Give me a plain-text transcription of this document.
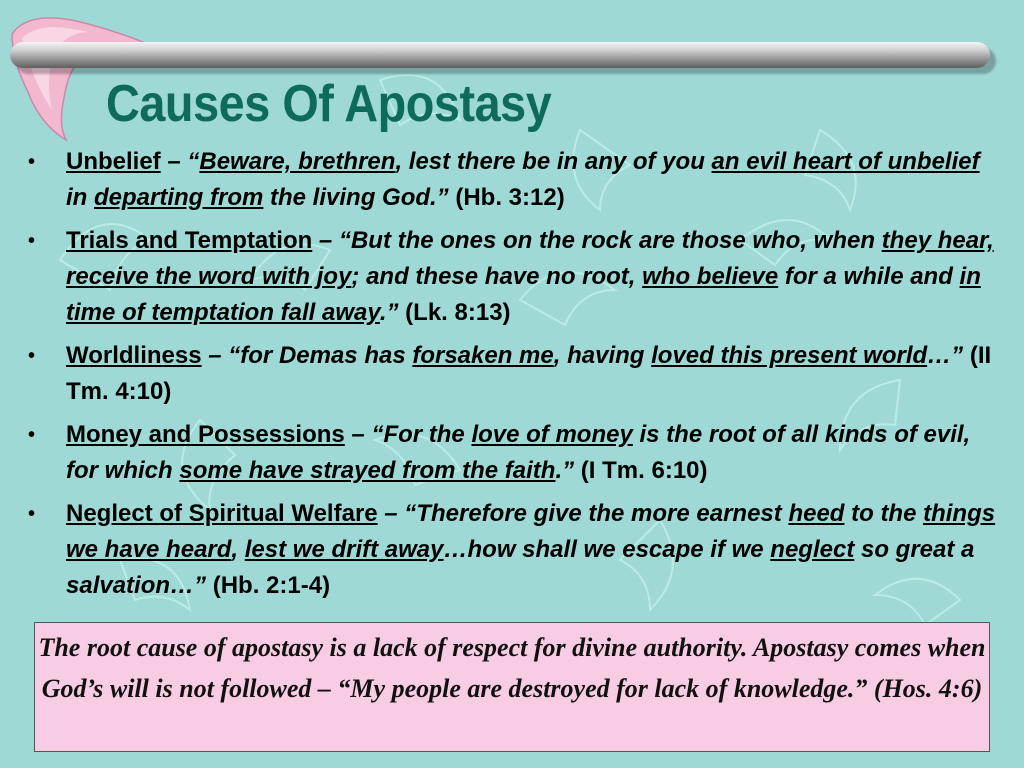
Causes Of Apostasy
•	Unbelief – “Beware, brethren, lest there be in any of you an evil heart of unbelief in departing from the living God.” (Hb. 3:12)
•	Trials and Temptation – “But the ones on the rock are those who, when they hear, receive the word with joy; and these have no root, who believe for a while and in time of temptation fall away.” (Lk. 8:13)
•	Worldliness – “for Demas has forsaken me, having loved this present world…” (II Tm. 4:10)
•	Money and Possessions – “For the love of money is the root of all kinds of evil, for which some have strayed from the faith.” (I Tm. 6:10)
•	Neglect of Spiritual Welfare – “Therefore give the more earnest heed to the things we have heard, lest we drift away…how shall we escape if we neglect so great a salvation…” (Hb. 2:1-4)
The root cause of apostasy is a lack of respect for divine authority. Apostasy comes when God’s will is not followed – “My people are destroyed for lack of knowledge.” (Hos. 4:6)
